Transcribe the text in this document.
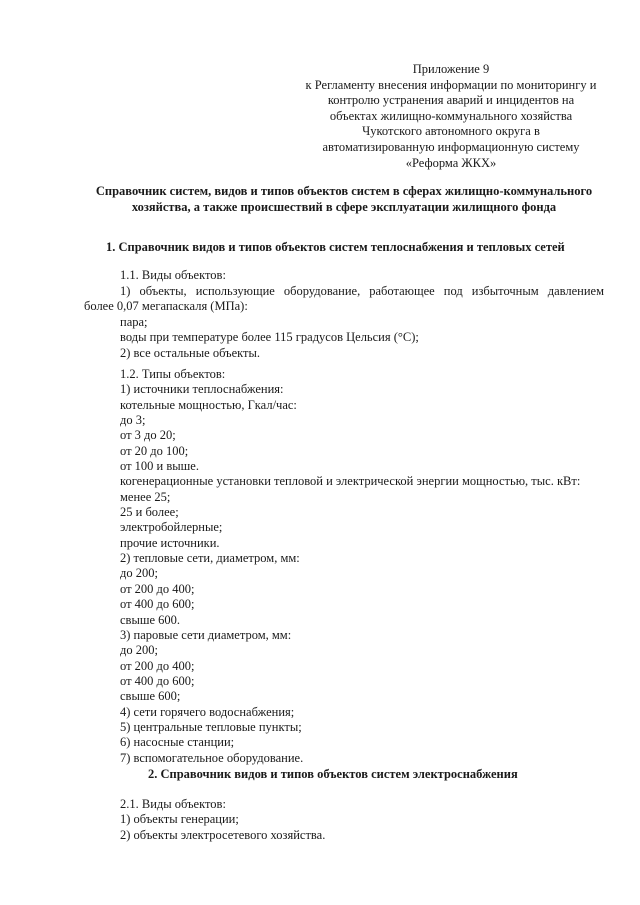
Приложение 9
к Регламенту внесения информации по мониторингу и
контролю устранения аварий и инцидентов на
объектах жилищно-коммунального хозяйства
Чукотского автономного округа в
автоматизированную информационную систему
«Реформа ЖКХ»
Справочник систем, видов и типов объектов систем в сферах жилищно-коммунального
хозяйства, а также происшествий в сфере эксплуатации жилищного фонда
1. Справочник видов и типов объектов систем теплоснабжения и тепловых сетей
1.1. Виды объектов:
1) объекты, использующие оборудование, работающее под избыточным давлением
более 0,07 мегапаскаля (МПа):
пара;
воды при температуре более 115 градусов Цельсия (°С);
2) все остальные объекты.
1.2. Типы объектов:
1) источники теплоснабжения:
котельные мощностью, Гкал/час:
до 3;
от 3 до 20;
от 20 до 100;
от 100 и выше.
когенерационные установки тепловой и электрической энергии мощностью, тыс. кВт:
менее 25;
25 и более;
электробойлерные;
прочие источники.
2) тепловые сети, диаметром, мм:
до 200;
от 200 до 400;
от 400 до 600;
свыше 600.
3) паровые сети диаметром, мм:
до 200;
от 200 до 400;
от 400 до 600;
свыше 600;
4) сети горячего водоснабжения;
5) центральные тепловые пункты;
6) насосные станции;
7) вспомогательное оборудование.
2. Справочник видов и типов объектов систем электроснабжения
2.1. Виды объектов:
1) объекты генерации;
2) объекты электросетевого хозяйства.
